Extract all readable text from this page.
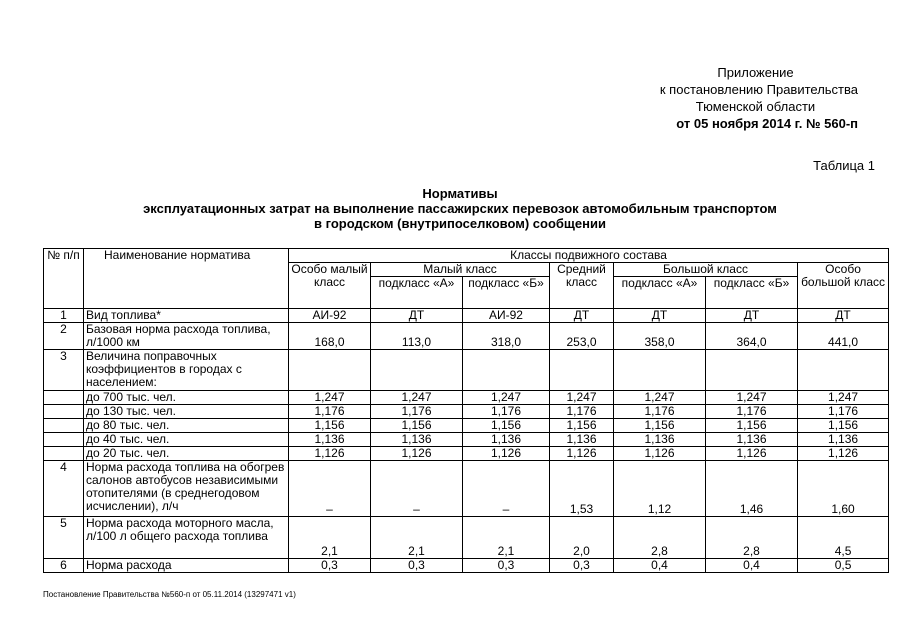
Приложение
к постановлению Правительства
Тюменской области
от 05 ноября 2014 г. № 560-п
Таблица 1
Нормативы
эксплуатационных затрат на выполнение пассажирских перевозок автомобильным транспортом
в городском (внутрипоселковом) сообщении
№ п/п	Наименование норматива	Классы подвижного состава						
		Особо малый класс	Малый класс		Средний класс	Большой класс		Особо большой класс
			подкласс «А»	подкласс «Б»		подкласс «А»	подкласс «Б»	
1	Вид топлива*	АИ-92	ДТ	АИ-92	ДТ	ДТ	ДТ	ДТ
2	Базовая норма расхода топлива, л/1000 км	168,0	113,0	318,0	253,0	358,0	364,0	441,0
3	Величина поправочных коэффициентов в городах с населением:							
	до 700 тыс. чел.	1,247	1,247	1,247	1,247	1,247	1,247	1,247
	до 130 тыс. чел.	1,176	1,176	1,176	1,176	1,176	1,176	1,176
	до 80 тыс. чел.	1,156	1,156	1,156	1,156	1,156	1,156	1,156
	до 40 тыс. чел.	1,136	1,136	1,136	1,136	1,136	1,136	1,136
	до 20 тыс. чел.	1,126	1,126	1,126	1,126	1,126	1,126	1,126
4	Норма расхода топлива на обогрев салонов автобусов независимыми отопителями (в среднегодовом исчислении), л/ч	–	–	–	1,53	1,12	1,46	1,60
5	Норма расхода моторного масла, л/100 л общего расхода топлива	2,1	2,1	2,1	2,0	2,8	2,8	4,5
6	Норма расхода	0,3	0,3	0,3	0,3	0,4	0,4	0,5
Постановление Правительства №560-п от 05.11.2014 (13297471 v1)
